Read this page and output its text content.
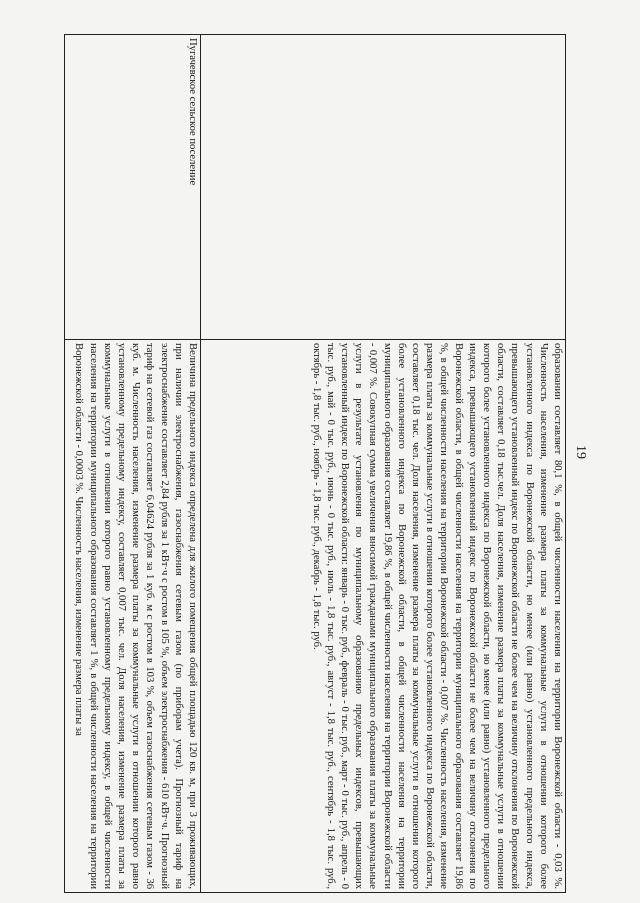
19

	образовании составляет 80,1 %, в общей численности населения на территории Воронежской области - 0,03 %. Численность населения, изменение размера платы за коммунальные услуги в отношении которого более установленного индекса по Воронежской области, но менее (или равно) установленного предельного индекса, превышающего установленный индекс по Воронежской области не более чем на величину отклонения по Воронежской области, составляет 0,18 тыс.чел. Доля населения, изменение размера платы за коммунальные услуги в отношении которого более установленного индекса по Воронежской области, но менее (или равно) установленного предельного индекса, превышающего установленный индекс по Воронежской области не более чем на величину отклонения по Воронежской области, в общей численности населения на территории муниципального образования составляет 19,86 %, в общей численности населения на территории Воронежской области - 0,007 %. Численность населения, изменение размера платы за коммунальные услуги в отношении которого более установленного индекса по Воронежской области, составляет 0,18 тыс. чел. Доля населения, изменение размера платы за коммунальные услуги в отношении которого более установленного индекса по Воронежской области, в общей численности населения на территории муниципального образования составляет 19,86 %, в общей численности населения на территории Воронежской области - 0,007 %. Совокупная сумма увеличения вносимой гражданами муниципального образования платы за коммунальные услуги в результате установления по муниципальному образованию предельных индексов, превышающих установленный индекс по Воронежской области: январь - 0 тыс. руб., февраль - 0 тыс. руб., март - 0 тыс. руб., апрель - 0 тыс. руб., май - 0 тыс. руб., июнь - 0 тыс. руб., июль - 1,8 тыс. руб., август - 1,8 тыс. руб., сентябрь - 1,8 тыс. руб., октябрь - 1,8 тыс. руб., ноябрь - 1,8 тыс. руб., декабрь - 1,8 тыс. руб.

Пугачевское сельское поселение	Величина предельного индекса определена для жилого помещения общей площадью 120 кв. м, при 3 проживающих, при наличии электроснабжения, газоснабжения сетевым газом (по приборам учета). Прогнозный тариф на электроснабжение составляет 2,84 рубля за 1 кВт·ч с ростом в 105 %, объем электроснабжения - 610 кВт·ч. Прогнозный тариф на сетевой газ составляет 6,04624 рубля за 1 куб. м с ростом в 103 %, объем газоснабжения сетевым газом - 36 куб. м. Численность населения, изменение размера платы за коммунальные услуги в отношении которого равно установленному предельному индексу, составляет 0,007 тыс. чел. Доля населения, изменение размера платы за коммунальные услуги в отношении которого равно установленному предельному индексу, в общей численности населения на территории муниципального образования составляет 1 %, в общей численности населения на территории Воронежской области - 0,0003 %. Численность населения, изменение размера платы за
